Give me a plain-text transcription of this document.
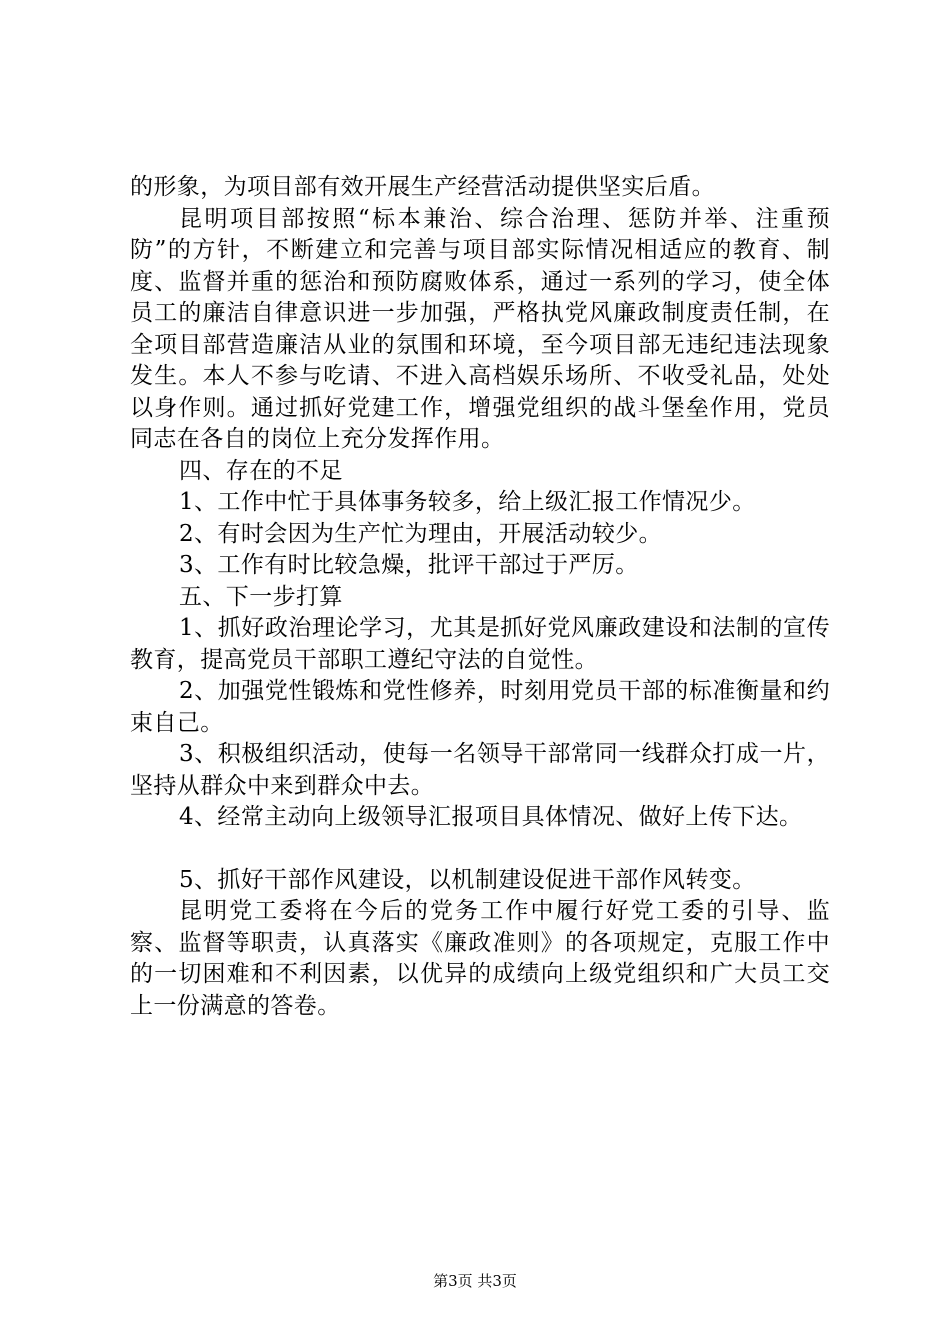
的形象，为项目部有效开展生产经营活动提供坚实后盾。

昆明项目部按照“标本兼治、综合治理、惩防并举、注重预防”的方针，不断建立和完善与项目部实际情况相适应的教育、制度、监督并重的惩治和预防腐败体系，通过一系列的学习，使全体员工的廉洁自律意识进一步加强，严格执党风廉政制度责任制，在全项目部营造廉洁从业的氛围和环境，至今项目部无违纪违法现象发生。本人不参与吃请、不进入高档娱乐场所、不收受礼品，处处以身作则。通过抓好党建工作，增强党组织的战斗堡垒作用，党员同志在各自的岗位上充分发挥作用。

四、存在的不足

1、工作中忙于具体事务较多，给上级汇报工作情况少。

2、有时会因为生产忙为理由，开展活动较少。

3、工作有时比较急燥，批评干部过于严厉。

五、下一步打算

1、抓好政治理论学习，尤其是抓好党风廉政建设和法制的宣传教育，提高党员干部职工遵纪守法的自觉性。

2、加强党性锻炼和党性修养，时刻用党员干部的标准衡量和约束自己。

3、积极组织活动，使每一名领导干部常同一线群众打成一片，坚持从群众中来到群众中去。

4、经常主动向上级领导汇报项目具体情况、做好上传下达。

5、抓好干部作风建设，以机制建设促进干部作风转变。

昆明党工委将在今后的党务工作中履行好党工委的引导、监察、监督等职责，认真落实《廉政准则》的各项规定，克服工作中的一切困难和不利因素，以优异的成绩向上级党组织和广大员工交上一份满意的答卷。

第3页 共3页
